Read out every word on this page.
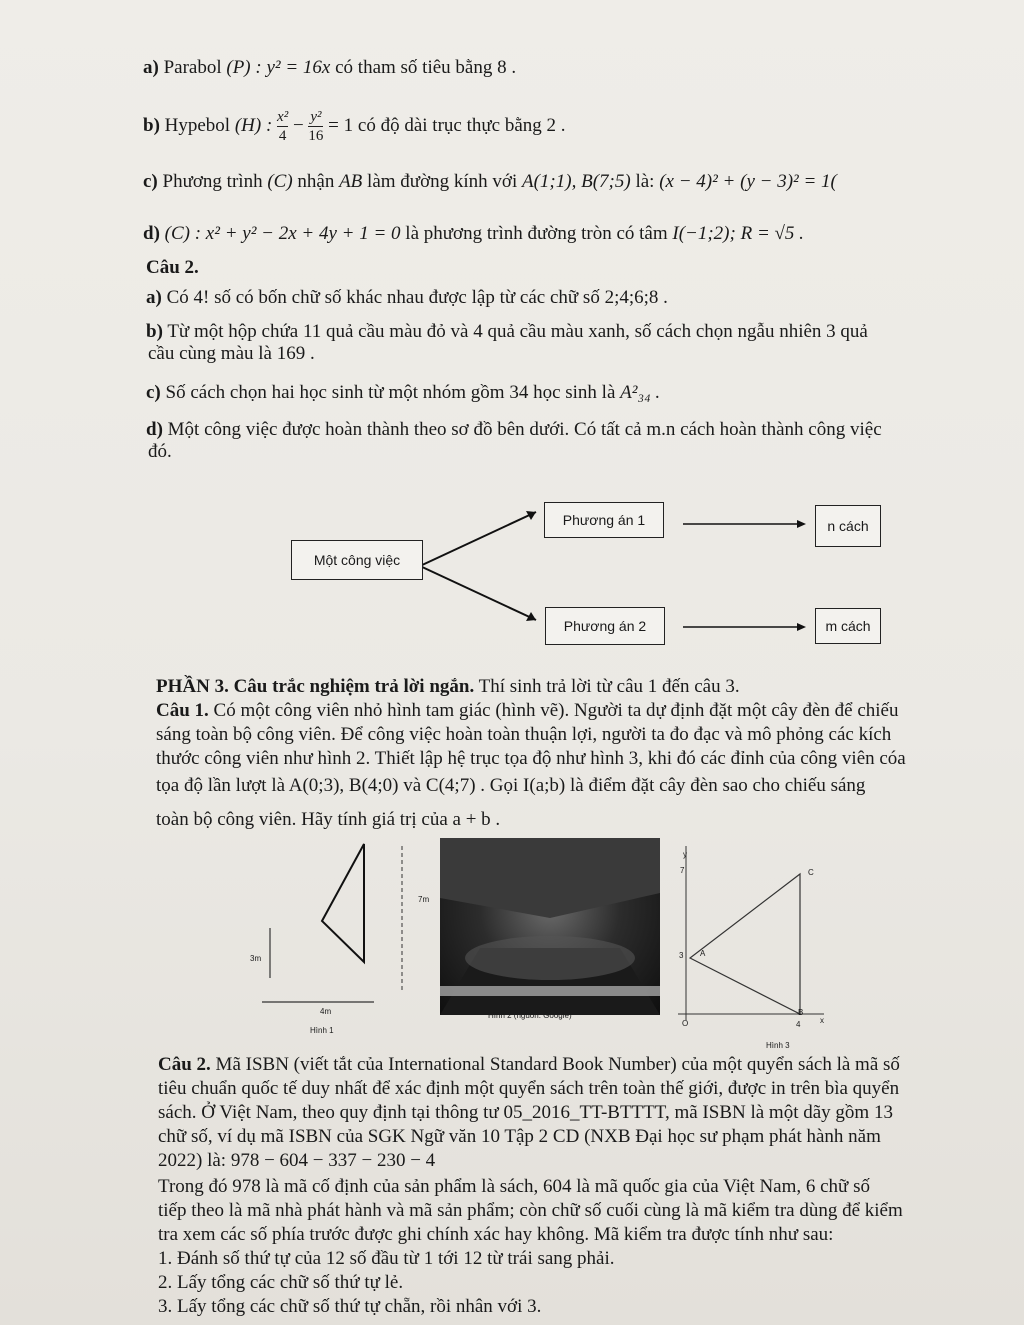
a) Parabol (P) : y² = 16x có tham số tiêu bằng 8 .
b) Hypebol (H) : $\frac{\text{x²}}{4} - \frac{\text{y²}}{16} = 1$ có độ dài trục thực bằng 2 .
c) Phương trình (C) nhận AB làm đường kính với A(1;1), B(7;5) là: (x − 4)² + (y − 3)² = 1(
d) (C) : x² + y² − 2x + 4y + 1 = 0 là phương trình đường tròn có tâm I(−1;2); R = √5 .
Câu 2.
a) Có 4! số có bốn chữ số khác nhau được lập từ các chữ số 2;4;6;8 .
b) Từ một hộp chứa 11 quả cầu màu đỏ và 4 quả cầu màu xanh, số cách chọn ngẫu nhiên 3 quả
cầu cùng màu là 169 .
c) Số cách chọn hai học sinh từ một nhóm gồm 34 học sinh là A²₃₄ .
d) Một công việc được hoàn thành theo sơ đồ bên dưới. Có tất cả m.n cách hoàn thành công việc
đó.
Một công việc
Phương án 1
Phương án 2
n cách
m cách
PHẦN 3. Câu trắc nghiệm trả lời ngắn. Thí sinh trả lời từ câu 1 đến câu 3.
Câu 1. Có một công viên nhỏ hình tam giác (hình vẽ). Người ta dự định đặt một cây đèn để chiếu
sáng toàn bộ công viên. Để công việc hoàn toàn thuận lợi, người ta đo đạc và mô phỏng các kích
thước công viên như hình 2. Thiết lập hệ trục tọa độ như hình 3, khi đó các đỉnh của công viên cóa
tọa độ lần lượt là A(0;3), B(4;0) và C(4;7) . Gọi I(a;b) là điểm đặt cây đèn sao cho chiếu sáng
toàn bộ công viên. Hãy tính giá trị của a + b .
7m
3m
4m
Hình 1
Hình 2 (nguồn: Google)
y
7	C
3 A
O
B
4 x
Hình 3
Câu 2. Mã ISBN (viết tắt của International Standard Book Number) của một quyển sách là mã số
tiêu chuẩn quốc tế duy nhất để xác định một quyển sách trên toàn thế giới, được in trên bìa quyển
sách. Ở Việt Nam, theo quy định tại thông tư 05_2016_TT-BTTTT, mã ISBN là một dãy gồm 13
chữ số, ví dụ mã ISBN của SGK Ngữ văn 10 Tập 2 CD (NXB Đại học sư phạm phát hành năm
2022) là: 978 − 604 − 337 − 230 − 4
Trong đó 978 là mã cố định của sản phẩm là sách, 604 là mã quốc gia của Việt Nam, 6 chữ số
tiếp theo là mã nhà phát hành và mã sản phẩm; còn chữ số cuối cùng là mã kiểm tra dùng để kiểm
tra xem các số phía trước được ghi chính xác hay không. Mã kiểm tra được tính như sau:
1. Đánh số thứ tự của 12 số đầu từ 1 tới 12 từ trái sang phải.
2. Lấy tổng các chữ số thứ tự lẻ.
3. Lấy tổng các chữ số thứ tự chẵn, rồi nhân với 3.
